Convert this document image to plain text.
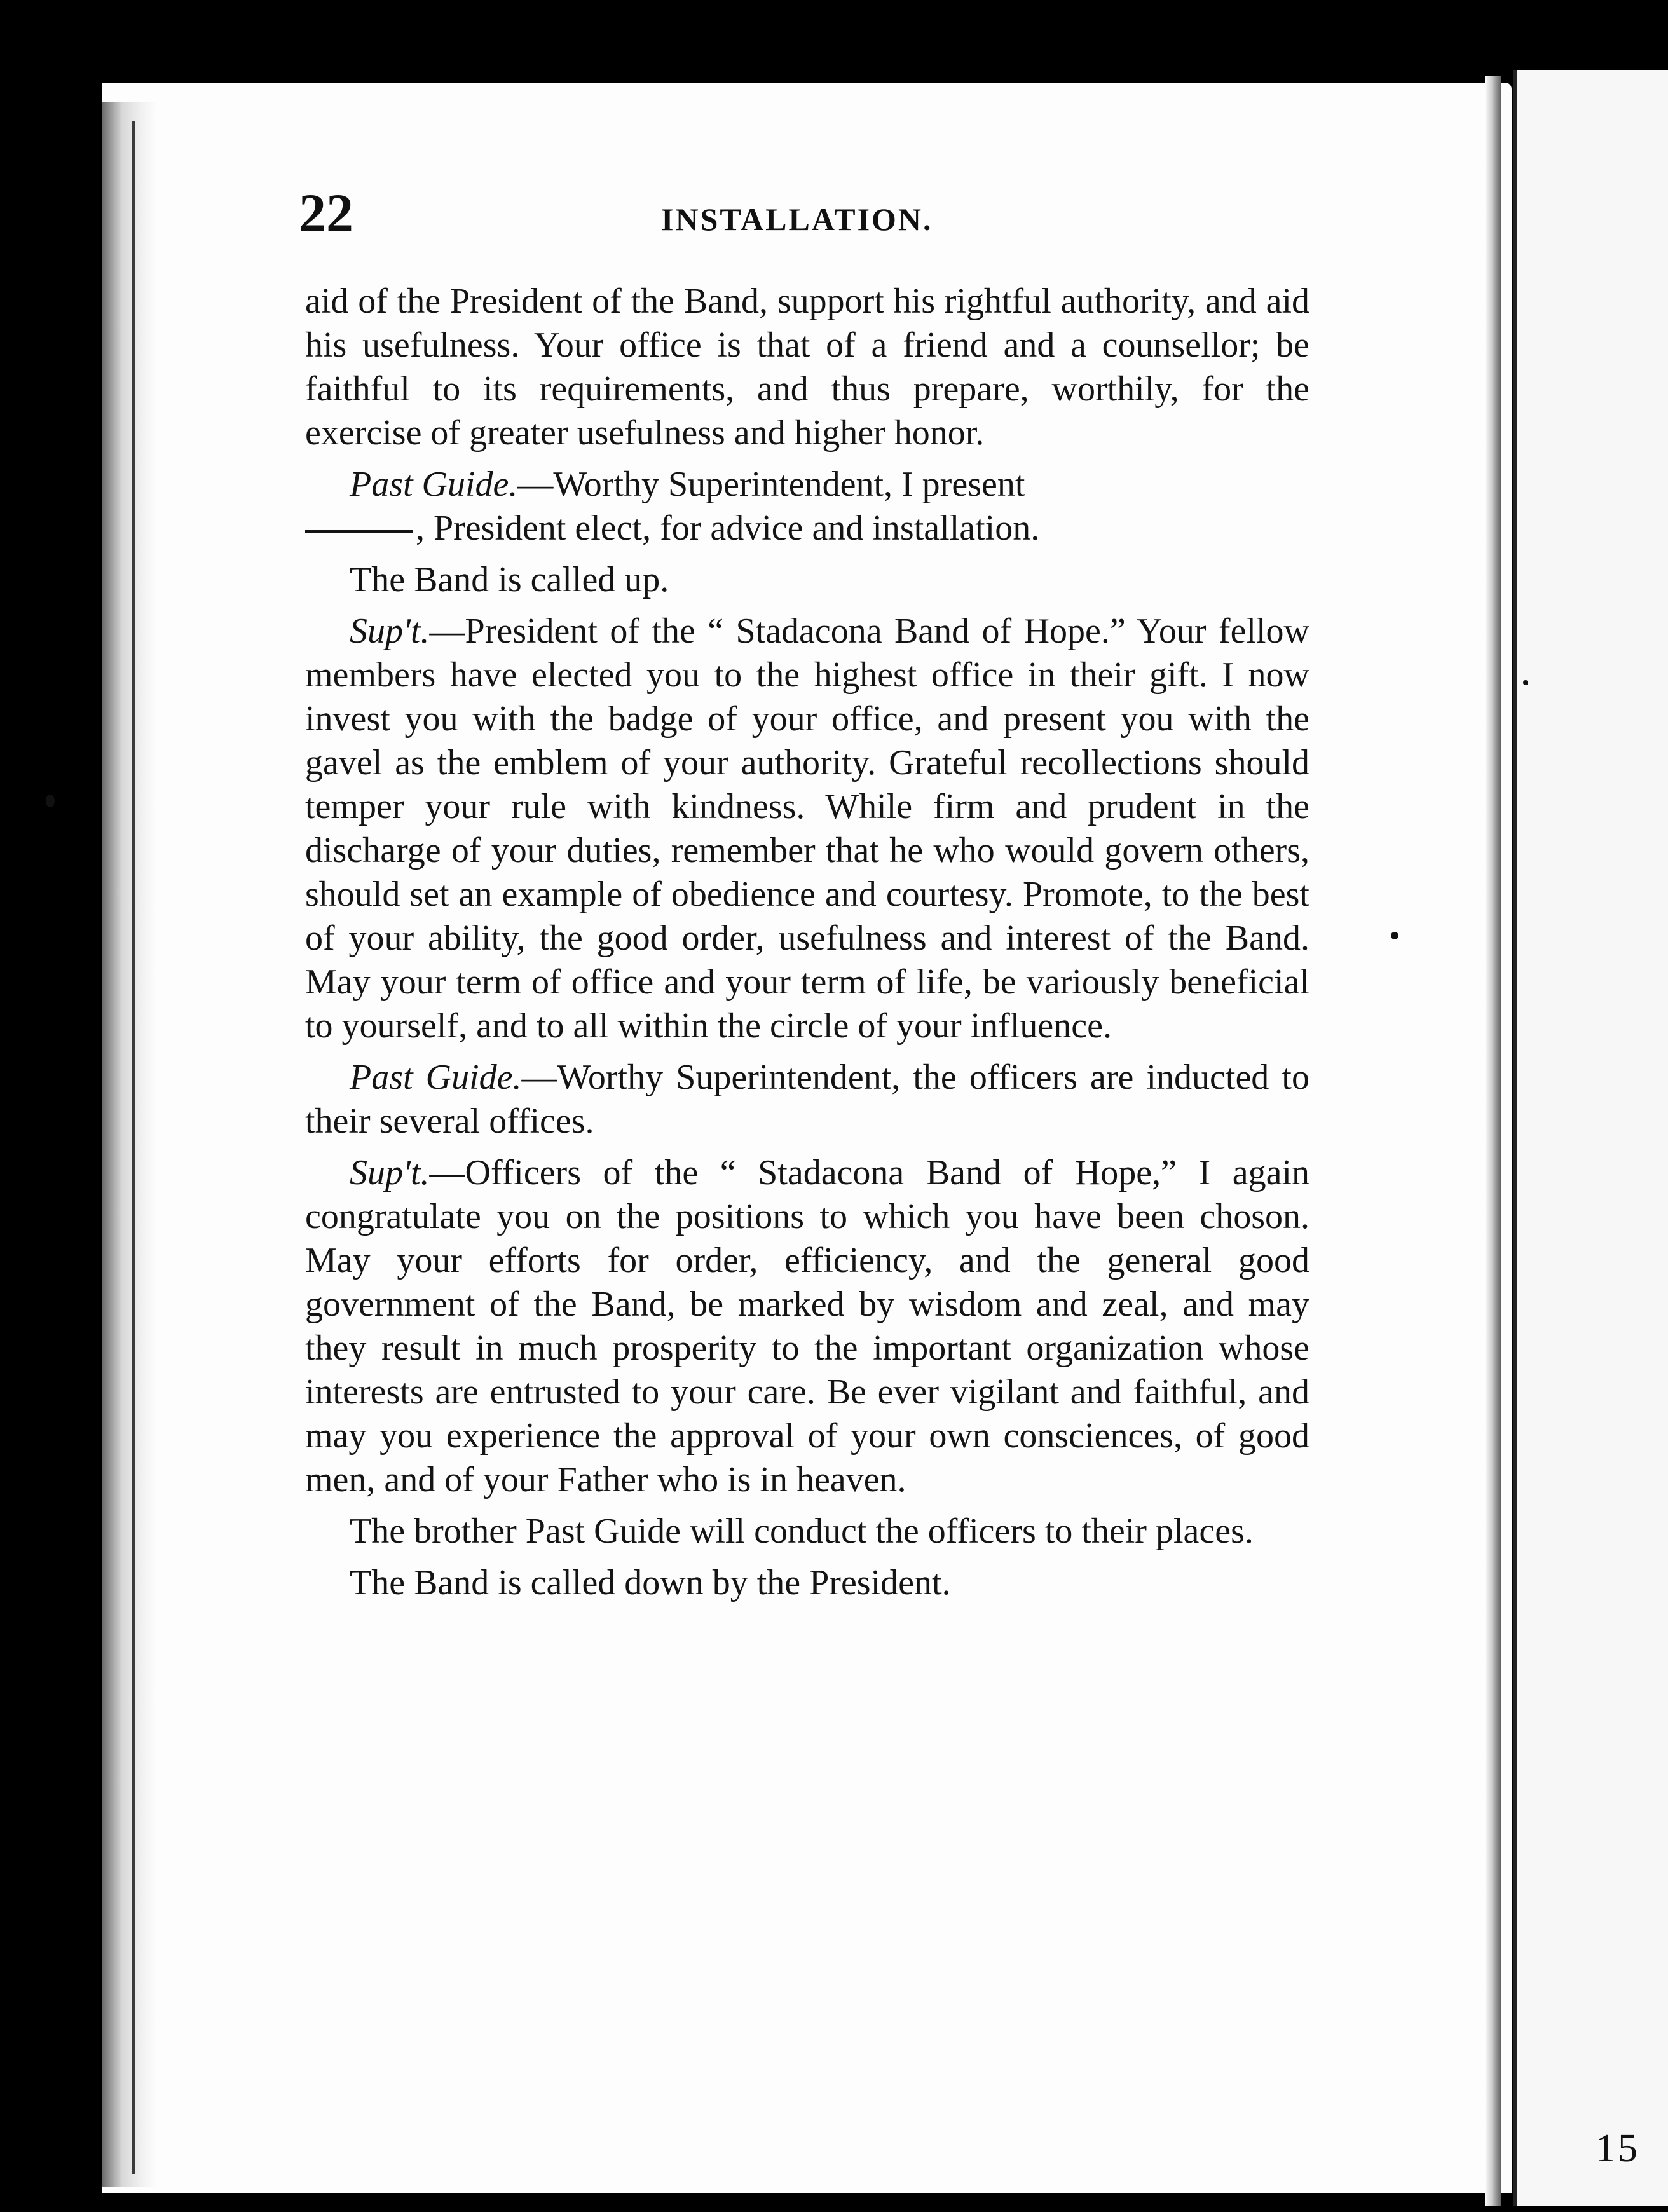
15
22	INSTALLATION.

aid of the President of the Band, support his rightful authority, and aid his usefulness. Your office is that of a friend and a counsellor; be faithful to its requirements, and thus prepare, worthily, for the exercise of greater usefulness and higher honor.

Past Guide.—Worthy Superintendent, I present
, President elect, for advice and installation.

The Band is called up.

Sup't.—President of the “ Stadacona Band of Hope.” Your fellow members have elected you to the highest office in their gift. I now invest you with the badge of your office, and present you with the gavel as the emblem of your authority. Grateful recollections should temper your rule with kindness. While firm and prudent in the discharge of your duties, remember that he who would govern others, should set an example of obedience and courtesy. Promote, to the best of your ability, the good order, usefulness and interest of the Band. May your term of office and your term of life, be variously beneficial to yourself, and to all within the circle of your influence.

Past Guide.—Worthy Superintendent, the officers are inducted to their several offices.

Sup't.—Officers of the “ Stadacona Band of Hope,” I again congratulate you on the positions to which you have been choson. May your efforts for order, efficiency, and the general good government of the Band, be marked by wisdom and zeal, and may they result in much prosperity to the important organization whose interests are entrusted to your care. Be ever vigilant and faithful, and may you experience the approval of your own consciences, of good men, and of your Father who is in heaven.

The brother Past Guide will conduct the officers to their places.

The Band is called down by the President.
